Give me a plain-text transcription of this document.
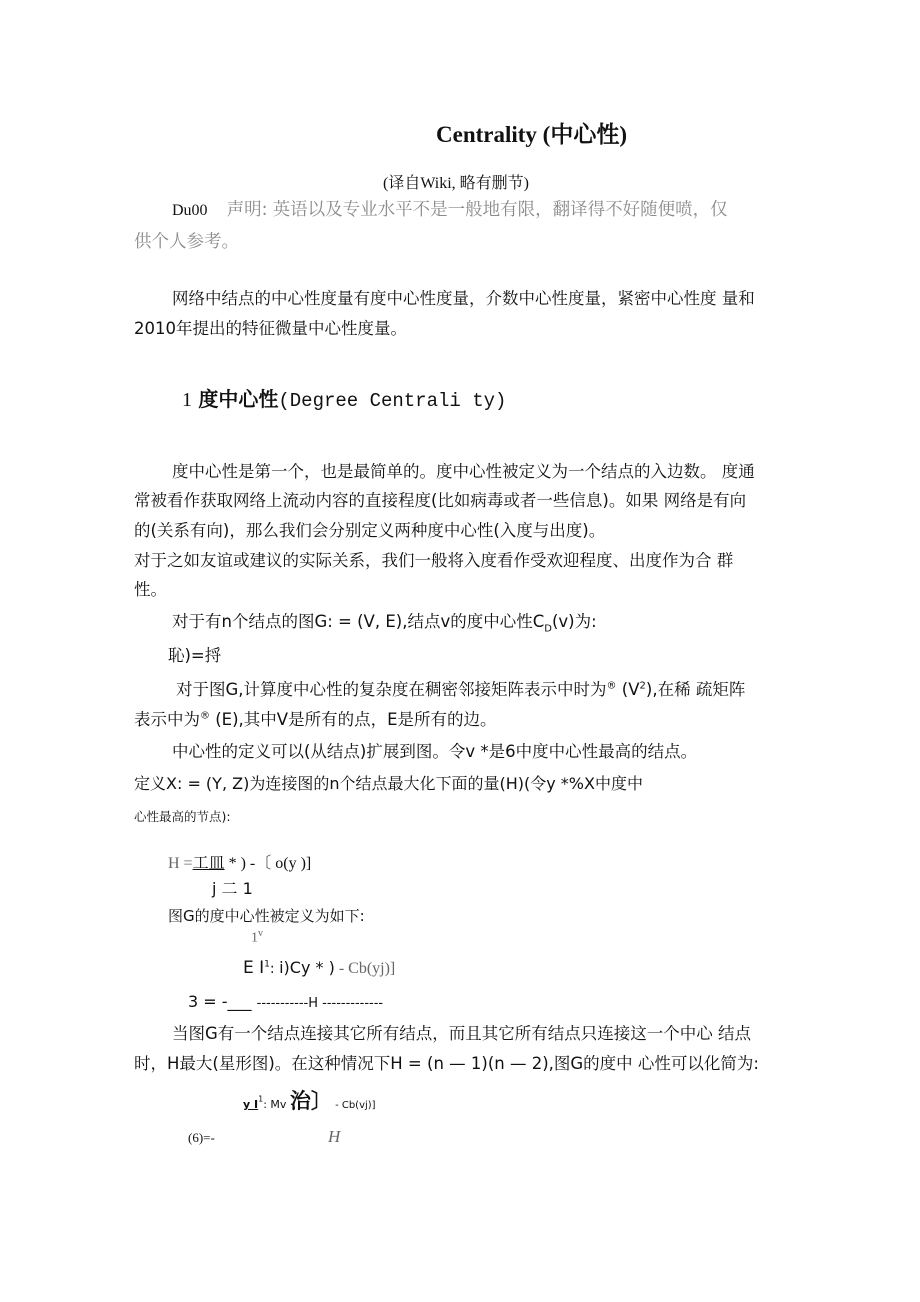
Centrality (中心性)
(译自Wiki, 略有删节)
Du00 声明: 英语以及专业水平不是一般地有限，翻译得不好随便喷，仅
供个人参考。
网络中结点的中心性度量有度中心性度量，介数中心性度量，紧密中心性度 量和
2010年提出的特征微量中心性度量。
1 度中心性(Degree Centrali ty)
度中心性是第一个，也是最简单的。度中心性被定义为一个结点的入边数。 度通
常被看作获取网络上流动内容的直接程度(比如病毒或者一些信息)。如果 网络是有向
的(关系有向)，那么我们会分别定义两种度中心性(入度与出度)。
对于之如友谊或建议的实际关系，我们一般将入度看作受欢迎程度、出度作为合 群
性。
对于有n个结点的图G: = (V, E),结点v的度中心性$C_D(v)$为:
恥)=捋
对于图G,计算度中心性的复杂度在稠密邻接矩阵表示中时为® $(V^2)$,在稀 疏矩阵
表示中为® (E),其中V是所有的点，E是所有的边。
中心性的定义可以(从结点)扩展到图。令v *是6中度中心性最高的结点。
定义X: = (Y, Z)为连接图的n个结点最大化下面的量(H)(令y *%X中度中
心性最高的节点):
H =工皿 * ) -〔 o(y )]
j 二 1
图G的度中心性被定义为如下:
1$^v$
E $I^1$: i)Cy * ) - Cb(yj)]
3 = -___ -----------H -------------
当图G有一个结点连接其它所有结点，而且其它所有结点只连接这一个中心 结点
时，H最大(星形图)。在这种情况下H = (n — 1)(n — 2),图G的度中 心性可以化简为:
y $I^1$: Mv 治〕 - Cb(vj)]
(6)=-	H
